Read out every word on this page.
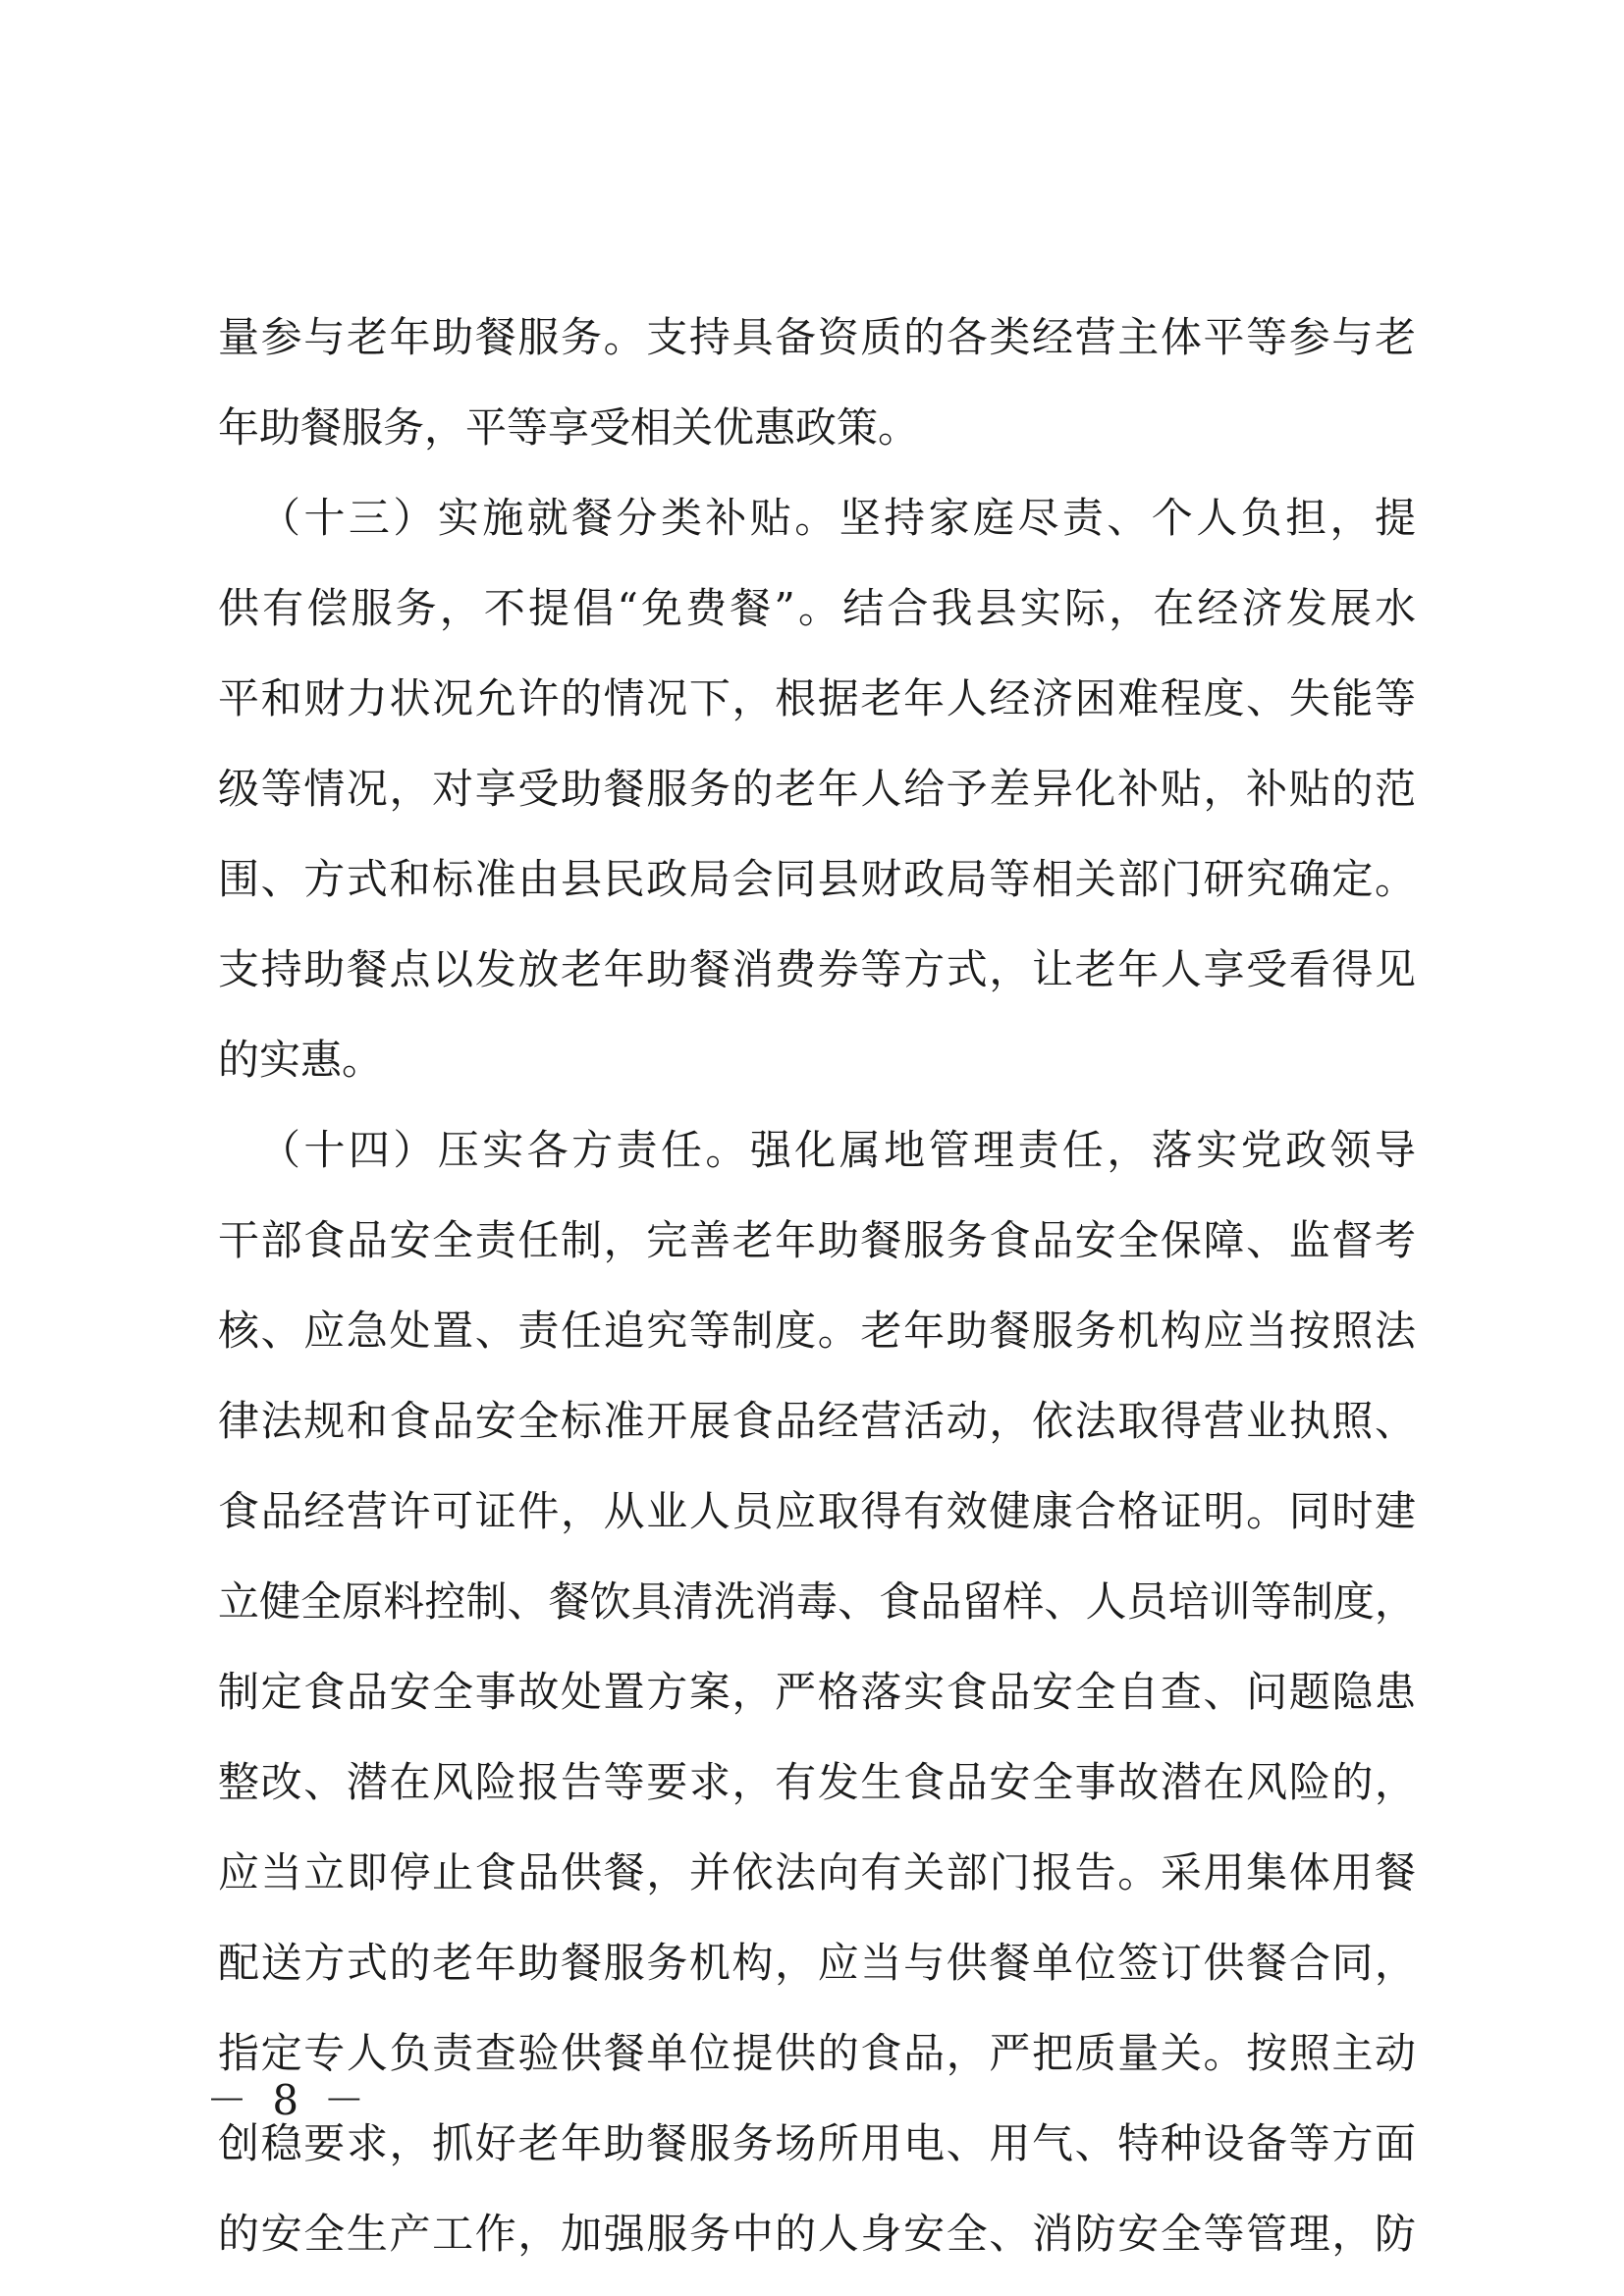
量参与老年助餐服务。支持具备资质的各类经营主体平等参与老
年助餐服务，平等享受相关优惠政策。
（十三）实施就餐分类补贴。坚持家庭尽责、个人负担，提
供有偿服务，不提倡“免费餐”。结合我县实际，在经济发展水
平和财力状况允许的情况下，根据老年人经济困难程度、失能等
级等情况，对享受助餐服务的老年人给予差异化补贴，补贴的范
围、方式和标准由县民政局会同县财政局等相关部门研究确定。
支持助餐点以发放老年助餐消费券等方式，让老年人享受看得见
的实惠。
（十四）压实各方责任。强化属地管理责任，落实党政领导
干部食品安全责任制，完善老年助餐服务食品安全保障、监督考
核、应急处置、责任追究等制度。老年助餐服务机构应当按照法
律法规和食品安全标准开展食品经营活动，依法取得营业执照、
食品经营许可证件，从业人员应取得有效健康合格证明。同时建
立健全原料控制、餐饮具清洗消毒、食品留样、人员培训等制度，
制定食品安全事故处置方案，严格落实食品安全自查、问题隐患
整改、潜在风险报告等要求，有发生食品安全事故潜在风险的，
应当立即停止食品供餐，并依法向有关部门报告。采用集体用餐
配送方式的老年助餐服务机构，应当与供餐单位签订供餐合同，
指定专人负责查验供餐单位提供的食品，严把质量关。按照主动
创稳要求，抓好老年助餐服务场所用电、用气、特种设备等方面
的安全生产工作，加强服务中的人身安全、消防安全等管理，防
－ 8 －
